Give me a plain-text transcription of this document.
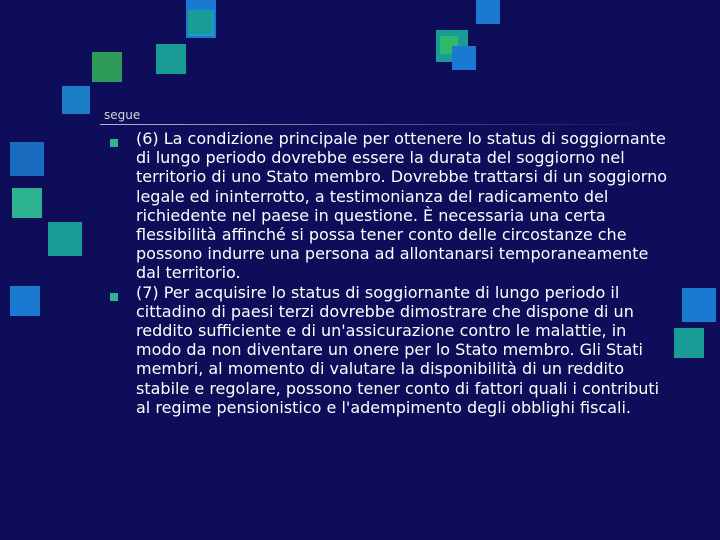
segue
(6) La condizione principale per ottenere lo status di soggiornante di lungo periodo dovrebbe essere la durata del soggiorno nel territorio di uno Stato membro. Dovrebbe trattarsi di un soggiorno legale ed ininterrotto, a testimonianza del radicamento del richiedente nel paese in questione. È necessaria una certa flessibilità affinché si possa tener conto delle circostanze che possono indurre una persona ad allontanarsi temporaneamente dal territorio.
(7) Per acquisire lo status di soggiornante di lungo periodo il cittadino di paesi terzi dovrebbe dimostrare che dispone di un reddito sufficiente e di un'assicurazione contro le malattie, in modo da non diventare un onere per lo Stato membro. Gli Stati membri, al momento di valutare la disponibilità di un reddito stabile e regolare, possono tener conto di fattori quali i contributi al regime pensionistico e l'adempimento degli obblighi fiscali.
